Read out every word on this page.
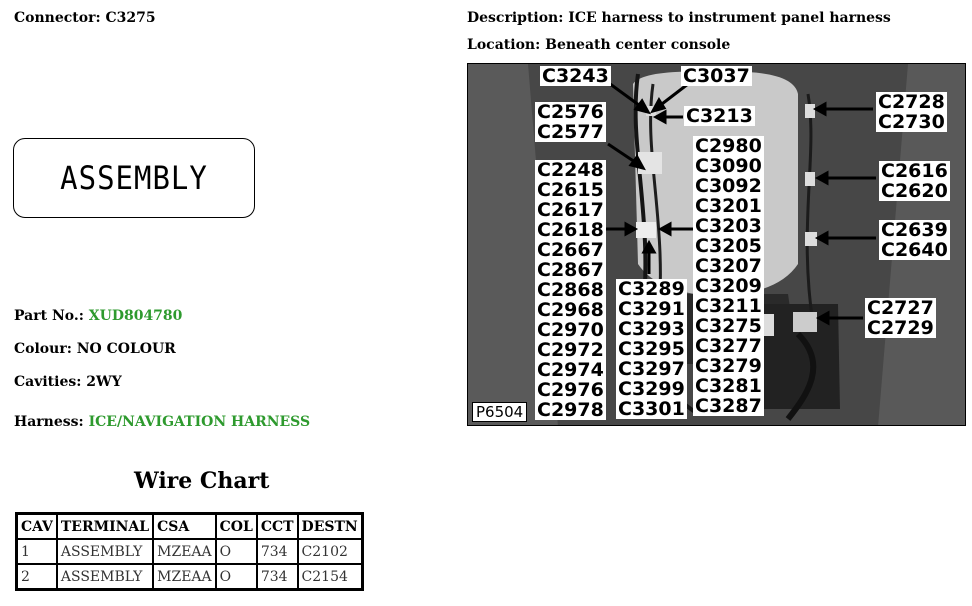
Connector: C3275	Description: ICE harness to instrument panel harness
Location: Beneath center console
ASSEMBLY
Part No.: XUD804780
Colour: NO COLOUR
Cavities: 2WY
Harness: ICE/NAVIGATION HARNESS
Wire Chart
CAV	TERMINAL	CSA	COL	CCT	DESTN
1	ASSEMBLY	MZEAA	O	734	C2102
2	ASSEMBLY	MZEAA	O	734	C2154
C3243	C3037
C3213
C2576
C2577
C2248
C2615
C2617
C2618
C2667
C2867
C2868
C2968
C2970
C2972
C2974
C2976
C2978
C3289
C3291
C3293
C3295
C3297
C3299
C3301
C2980
C3090
C3092
C3201
C3203
C3205
C3207
C3209
C3211
C3275
C3277
C3279
C3281
C3287
C2728
C2730
C2616
C2620
C2639
C2640
C2727
C2729
P6504
